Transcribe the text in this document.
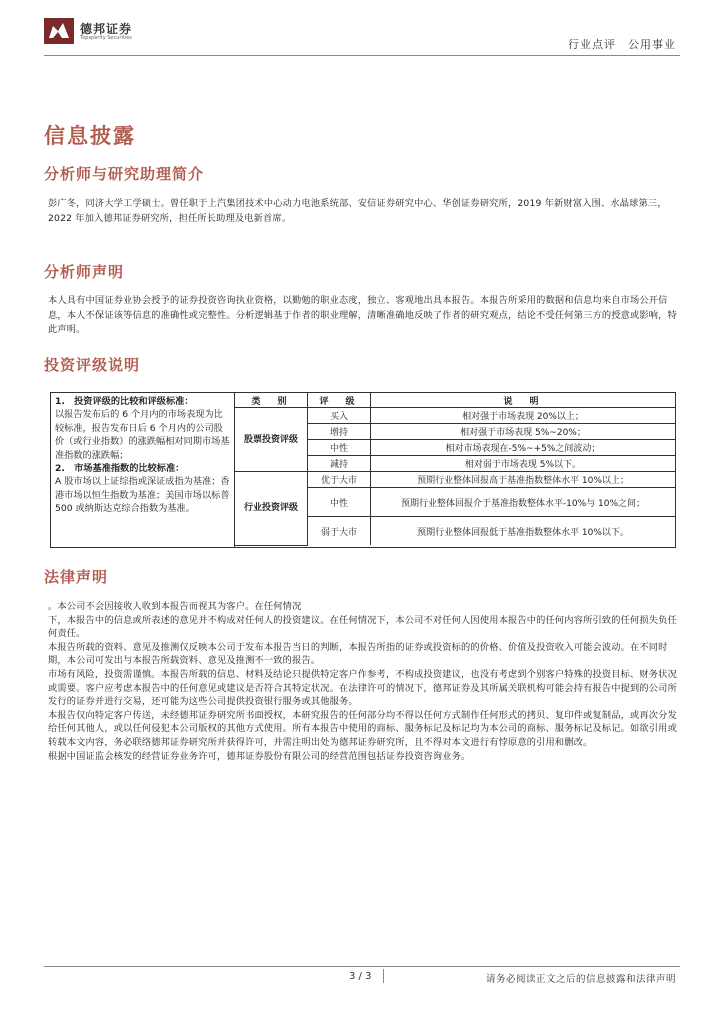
德邦证券
Topsperity Securities	行业点评　公用事业
信息披露
分析师与研究助理简介
彭广冬，同济大学工学硕士。曾任职于上汽集团技术中心动力电池系统部、安信证券研究中心、华创证券研究所，2019 年新财富入围、水晶球第三，2022 年加入德邦证券研究所，担任所长助理及电新首席。
分析师声明
本人具有中国证券业协会授予的证券投资咨询执业资格，以勤勉的职业态度，独立、客观地出具本报告。本报告所采用的数据和信息均来自市场公开信息，本人不保证该等信息的准确性或完整性。分析逻辑基于作者的职业理解，清晰准确地反映了作者的研究观点，结论不受任何第三方的授意或影响，特此声明。
投资评级说明
1.　投资评级的比较和评级标准：
以报告发布后的 6 个月内的市场表现为比较标准，报告发布日后 6 个月内的公司股价（或行业指数）的涨跌幅相对同期市场基准指数的涨跌幅；
2.　市场基准指数的比较标准：
A 股市场以上证综指或深证成指为基准；香港市场以恒生指数为基准；美国市场以标普 500 或纳斯达克综合指数为基准。
类　别	评　级	说　明
股票投资评级	买入	相对强于市场表现 20%以上；
	增持	相对强于市场表现 5%~20%；
	中性	相对市场表现在-5%~+5%之间波动；
	减持	相对弱于市场表现 5%以下。
行业投资评级	优于大市	预期行业整体回报高于基准指数整体水平 10%以上；
	中性	预期行业整体回报介于基准指数整体水平-10%与 10%之间；
	弱于大市	预期行业整体回报低于基准指数整体水平 10%以下。
法律声明

。本公司不会因接收人收到本报告而视其为客户。在任何情况

下，本报告中的信息或所表述的意见并不构成对任何人的投资建议。在任何情况下，本公司不对任何人因使用本报告中的任何内容所引致的任何损失负任何责任。

本报告所载的资料、意见及推测仅反映本公司于发布本报告当日的判断，本报告所指的证券或投资标的的价格、价值及投资收入可能会波动。在不同时期，本公司可发出与本报告所载资料、意见及推测不一致的报告。

市场有风险，投资需谨慎。本报告所载的信息、材料及结论只提供特定客户作参考，不构成投资建议，也没有考虑到个别客户特殊的投资目标、财务状况或需要。客户应考虑本报告中的任何意见或建议是否符合其特定状况。在法律许可的情况下，德邦证券及其所属关联机构可能会持有报告中提到的公司所发行的证券并进行交易，还可能为这些公司提供投资银行服务或其他服务。

本报告仅向特定客户传送，未经德邦证券研究所书面授权，本研究报告的任何部分均不得以任何方式制作任何形式的拷贝、复印件或复制品，或再次分发给任何其他人，或以任何侵犯本公司版权的其他方式使用。所有本报告中使用的商标、服务标记及标记均为本公司的商标、服务标记及标记。如欲引用或转载本文内容，务必联络德邦证券研究所并获得许可，并需注明出处为德邦证券研究所，且不得对本文进行有悖原意的引用和删改。

根据中国证监会核发的经营证券业务许可，德邦证券股份有限公司的经营范围包括证券投资咨询业务。

3 / 3	请务必阅读正文之后的信息披露和法律声明
